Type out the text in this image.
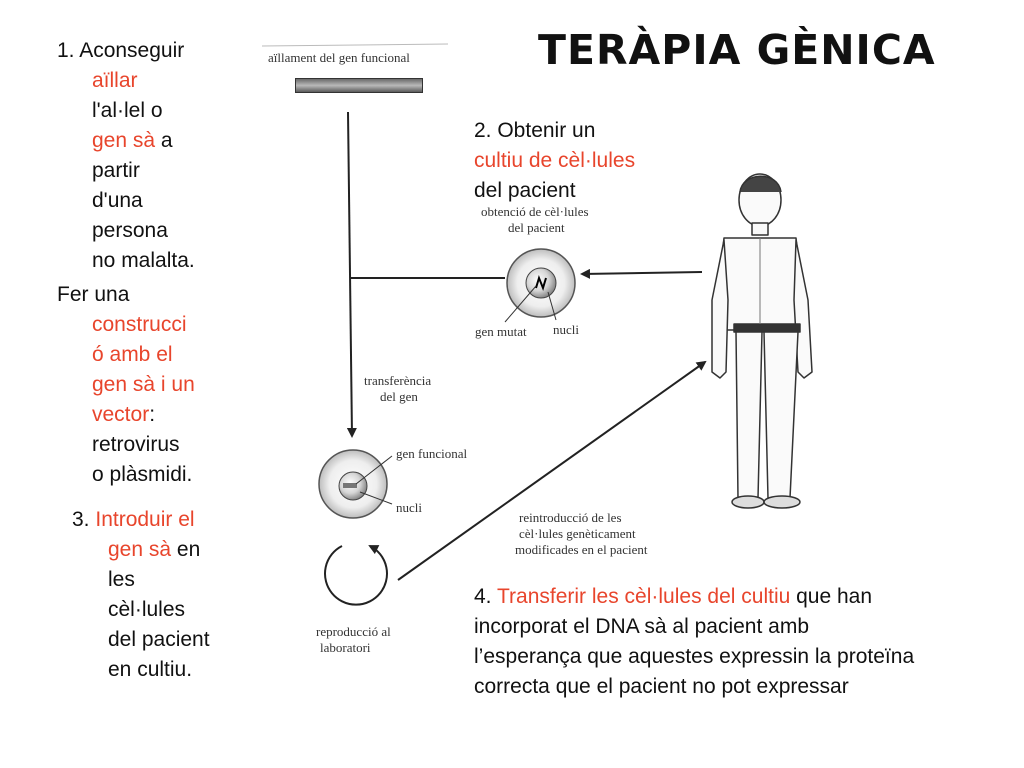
TERÀPIA GÈNICA
1. Aconseguir
aïllar
l'al·lel o
gen sà a
partir
d'una
persona
no malalta.
Fer una
construcci
ó amb el
gen sà i un
vector:
retrovirus
o plàsmidi.
3. Introduir el
gen sà en
les
cèl·lules
del pacient
en cultiu.
2. Obtenir un
cultiu de cèl·lules
del pacient
4. Transferir les cèl·lules del cultiu que han
incorporat el DNA sà al pacient amb
l’esperança que aquestes expressin la proteïna
correcta que el pacient no pot expressar
aïllament del gen funcional
obtenció de cèl·lules
del pacient
gen mutat nucli
transferència
del gen
gen funcional
nucli
reintroducció de les
cèl·lules genèticament
modificades en el pacient
reproducció al
laboratori
